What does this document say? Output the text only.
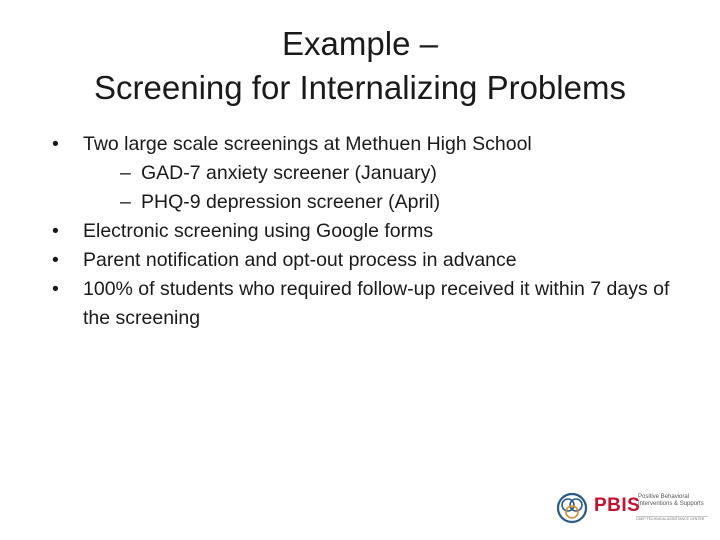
Example –
Screening for Internalizing Problems
•	Two large scale screenings at Methuen High School
– GAD-7 anxiety screener (January)
– PHQ-9 depression screener (April)
•	Electronic screening using Google forms
•	Parent notification and opt-out process in advance
•	100% of students who required follow-up received it within 7 days of the screening
PBIS
Positive Behavioral Interventions & Supports
OSEP TECHNICAL ASSISTANCE CENTER
